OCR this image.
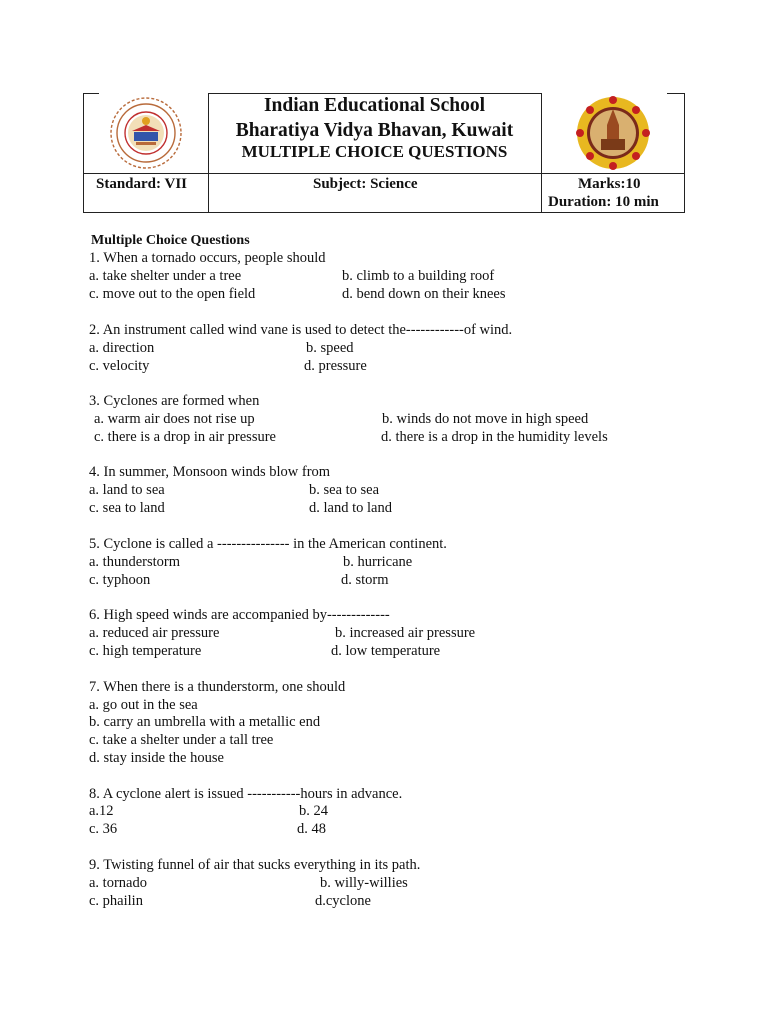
Indian Educational School
Bharatiya Vidya Bhavan, Kuwait
MULTIPLE CHOICE QUESTIONS
Standard: VII	Subject: Science	Marks:10
Duration: 10 min
Multiple Choice Questions
1. When a tornado occurs, people should
a. take shelter under a tree	b. climb to a building roof
c. move out to the open field	d. bend down on their knees
2. An instrument called wind vane is used to detect the------------of wind.
a. direction	b. speed
c. velocity	d. pressure
3. Cyclones are formed when
a. warm air does not rise up	b. winds do not move in high speed
c. there is a drop in air pressure	d. there is a drop in the humidity levels
4. In summer, Monsoon winds blow from
a. land to sea	b. sea to sea
c. sea to land	d. land to land
5. Cyclone is called a --------------- in the American continent.
a. thunderstorm	b. hurricane
c. typhoon	d. storm
6. High speed winds are accompanied by-------------
a. reduced air pressure	b. increased air pressure
c. high temperature	d. low temperature
7. When there is a thunderstorm, one should
a. go out in the sea
b. carry an umbrella with a metallic end
c. take a shelter under a tall tree
d. stay inside the house
8. A cyclone alert is issued -----------hours in advance.
a.12	b. 24
c. 36	d. 48
9. Twisting funnel of air that sucks everything in its path.
a. tornado	b. willy-willies
c. phailin	d.cyclone
